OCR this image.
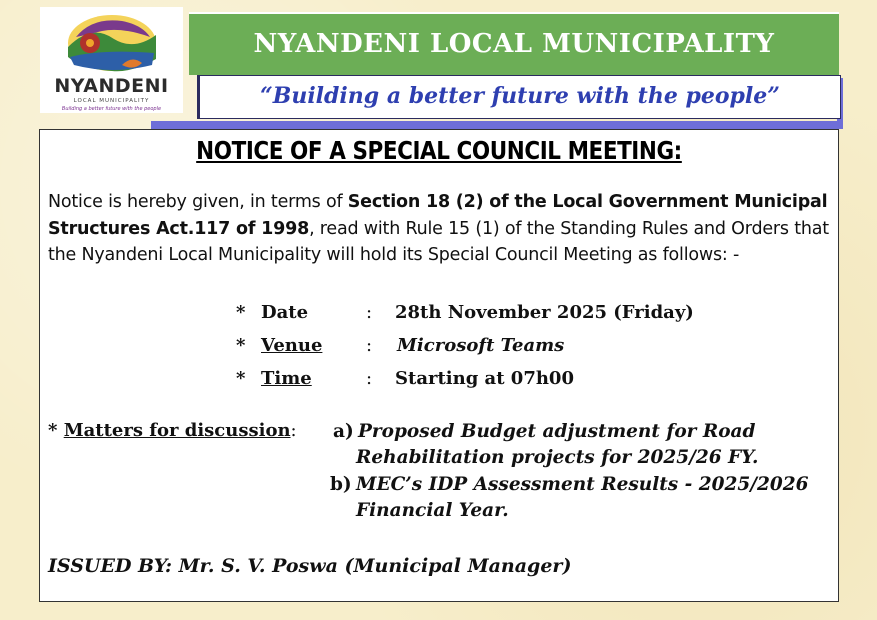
NYANDENI
LOCAL MUNICIPALITY
Building a better future with the people
NYANDENI LOCAL MUNICIPALITY
“Building a better future with the people”
NOTICE OF A SPECIAL COUNCIL MEETING:
Notice is hereby given, in terms of Section 18 (2) of the Local Government Municipal Structures Act.117 of 1998, read with Rule 15 (1) of the Standing Rules and Orders that the Nyandeni Local Municipality will hold its Special Council Meeting as follows: -
* Date	: 28th November 2025 (Friday)
* Venue : Microsoft Teams
* Time	: Starting at 07h00
* Matters for discussion: a) Proposed Budget adjustment for Road
Rehabilitation projects for 2025/26 FY.
b) MEC’s IDP Assessment Results - 2025/2026
Financial Year.
ISSUED BY: Mr. S. V. Poswa (Municipal Manager)
